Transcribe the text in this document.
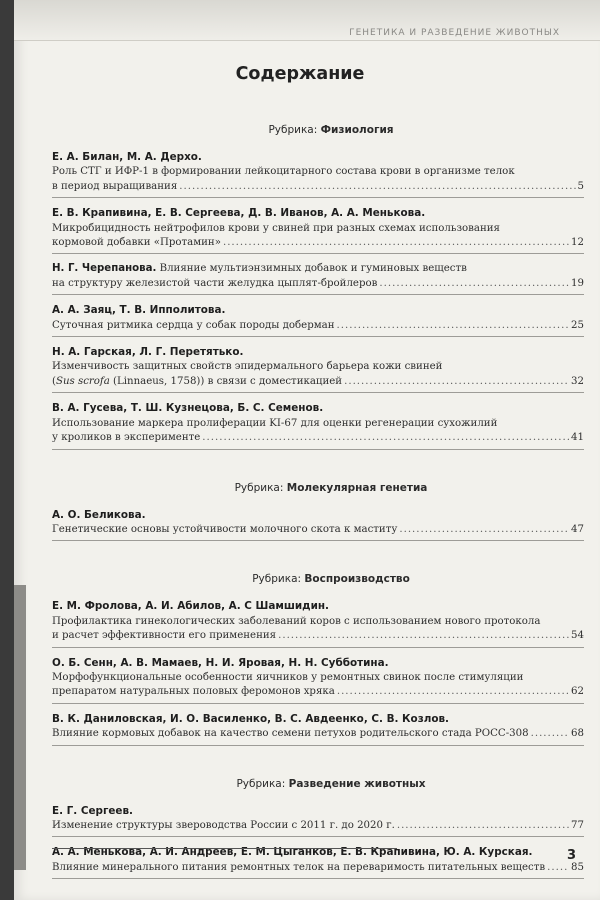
ГЕНЕТИКА И РАЗВЕДЕНИЕ ЖИВОТНЫХ
Содержание
Рубрика: Физиология
Е. А. Билан, М. А. Дерхо.
Роль СТГ и ИФР-1 в формировании лейкоцитарного состава крови в организме телок
в период выращивания .....	5
Е. В. Крапивина, Е. В. Сергеева, Д. В. Иванов, А. А. Менькова.
Микробицидность нейтрофилов крови у свиней при разных схемах использования
кормовой добавки «Протамин» .....	12
Н. Г. Черепанова. Влияние мультиэнзимных добавок и гуминовых веществ
на структуру железистой части желудка цыплят-бройлеров .....	19
А. А. Заяц, Т. В. Ипполитова.
Суточная ритмика сердца у собак породы доберман .....	25
Н. А. Гарская, Л. Г. Перетятько.
Изменчивость защитных свойств эпидермального барьера кожи свиней
(Sus scrofa (Linnaeus, 1758)) в связи с доместикацией .....	32
В. А. Гусева, Т. Ш. Кузнецова, Б. С. Семенов.
Использование маркера пролиферации KI-67 для оценки регенерации сухожилий
у кроликов в эксперименте .....	41
Рубрика: Молекулярная генетиа
А. О. Беликова.
Генетические основы устойчивости молочного скота к маститу .....	47
Рубрика: Воспроизводство
Е. М. Фролова, А. И. Абилов, А. С Шамшидин.
Профилактика гинекологических заболеваний коров с использованием нового протокола
и расчет эффективности его применения .....	54
О. Б. Сенн, А. В. Мамаев, Н. И. Яровая, Н. Н. Субботина.
Морфофункциональные особенности яичников у ремонтных свинок после стимуляции
препаратом натуральных половых феромонов хряка .....	62
В. К. Даниловская, И. О. Василенко, В. С. Авдеенко, С. В. Козлов.
Влияние кормовых добавок на качество семени петухов родительского стада РОСС-308 .....	68
Рубрика: Разведение животных
Е. Г. Сергеев.
Изменение структуры звероводства России с 2011 г. до 2020 г. .....	77
А. А. Менькова, А. И. Андреев, Е. М. Цыганков, Е. В. Крапивина, Ю. А. Курская.
Влияние минерального питания ремонтных телок на переваримость питательных веществ .....	85
3
